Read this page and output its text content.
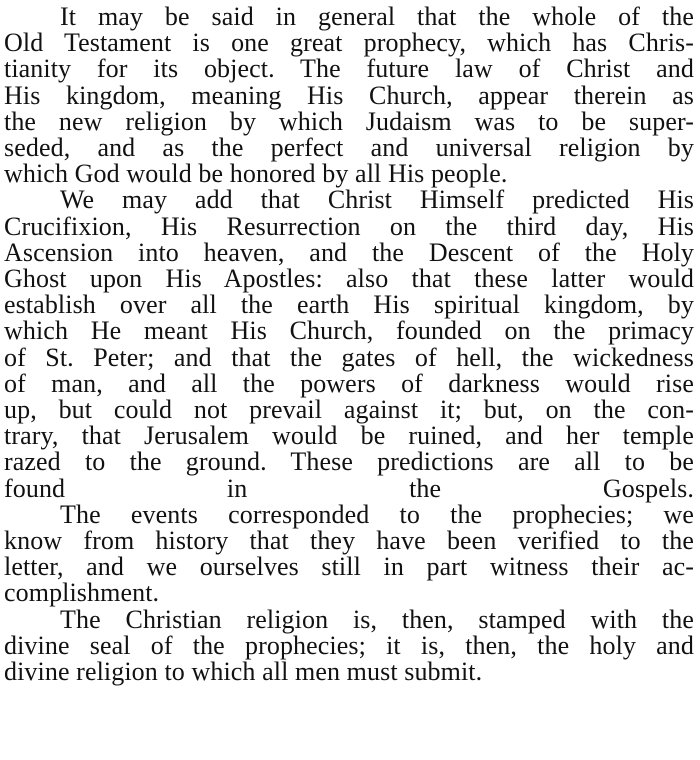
It may be said in general that the whole of the
Old Testament is one great prophecy, which has Chris-
tianity for its object. The future law of Christ and
His kingdom, meaning His Church, appear therein as
the new religion by which Judaism was to be super-
seded, and as the perfect and universal religion by
which God would be honored by all His people.
We may add that Christ Himself predicted His
Crucifixion, His Resurrection on the third day, His
Ascension into heaven, and the Descent of the Holy
Ghost upon His Apostles: also that these latter would
establish over all the earth His spiritual kingdom, by
which He meant His Church, founded on the primacy
of St. Peter; and that the gates of hell, the wickedness
of man, and all the powers of darkness would rise
up, but could not prevail against it; but, on the con-
trary, that Jerusalem would be ruined, and her temple
razed to the ground. These predictions are all to be
found in the Gospels.
The events corresponded to the prophecies; we
know from history that they have been verified to the
letter, and we ourselves still in part witness their ac-
complishment.
The Christian religion is, then, stamped with the
divine seal of the prophecies; it is, then, the holy and
divine religion to which all men must submit.
